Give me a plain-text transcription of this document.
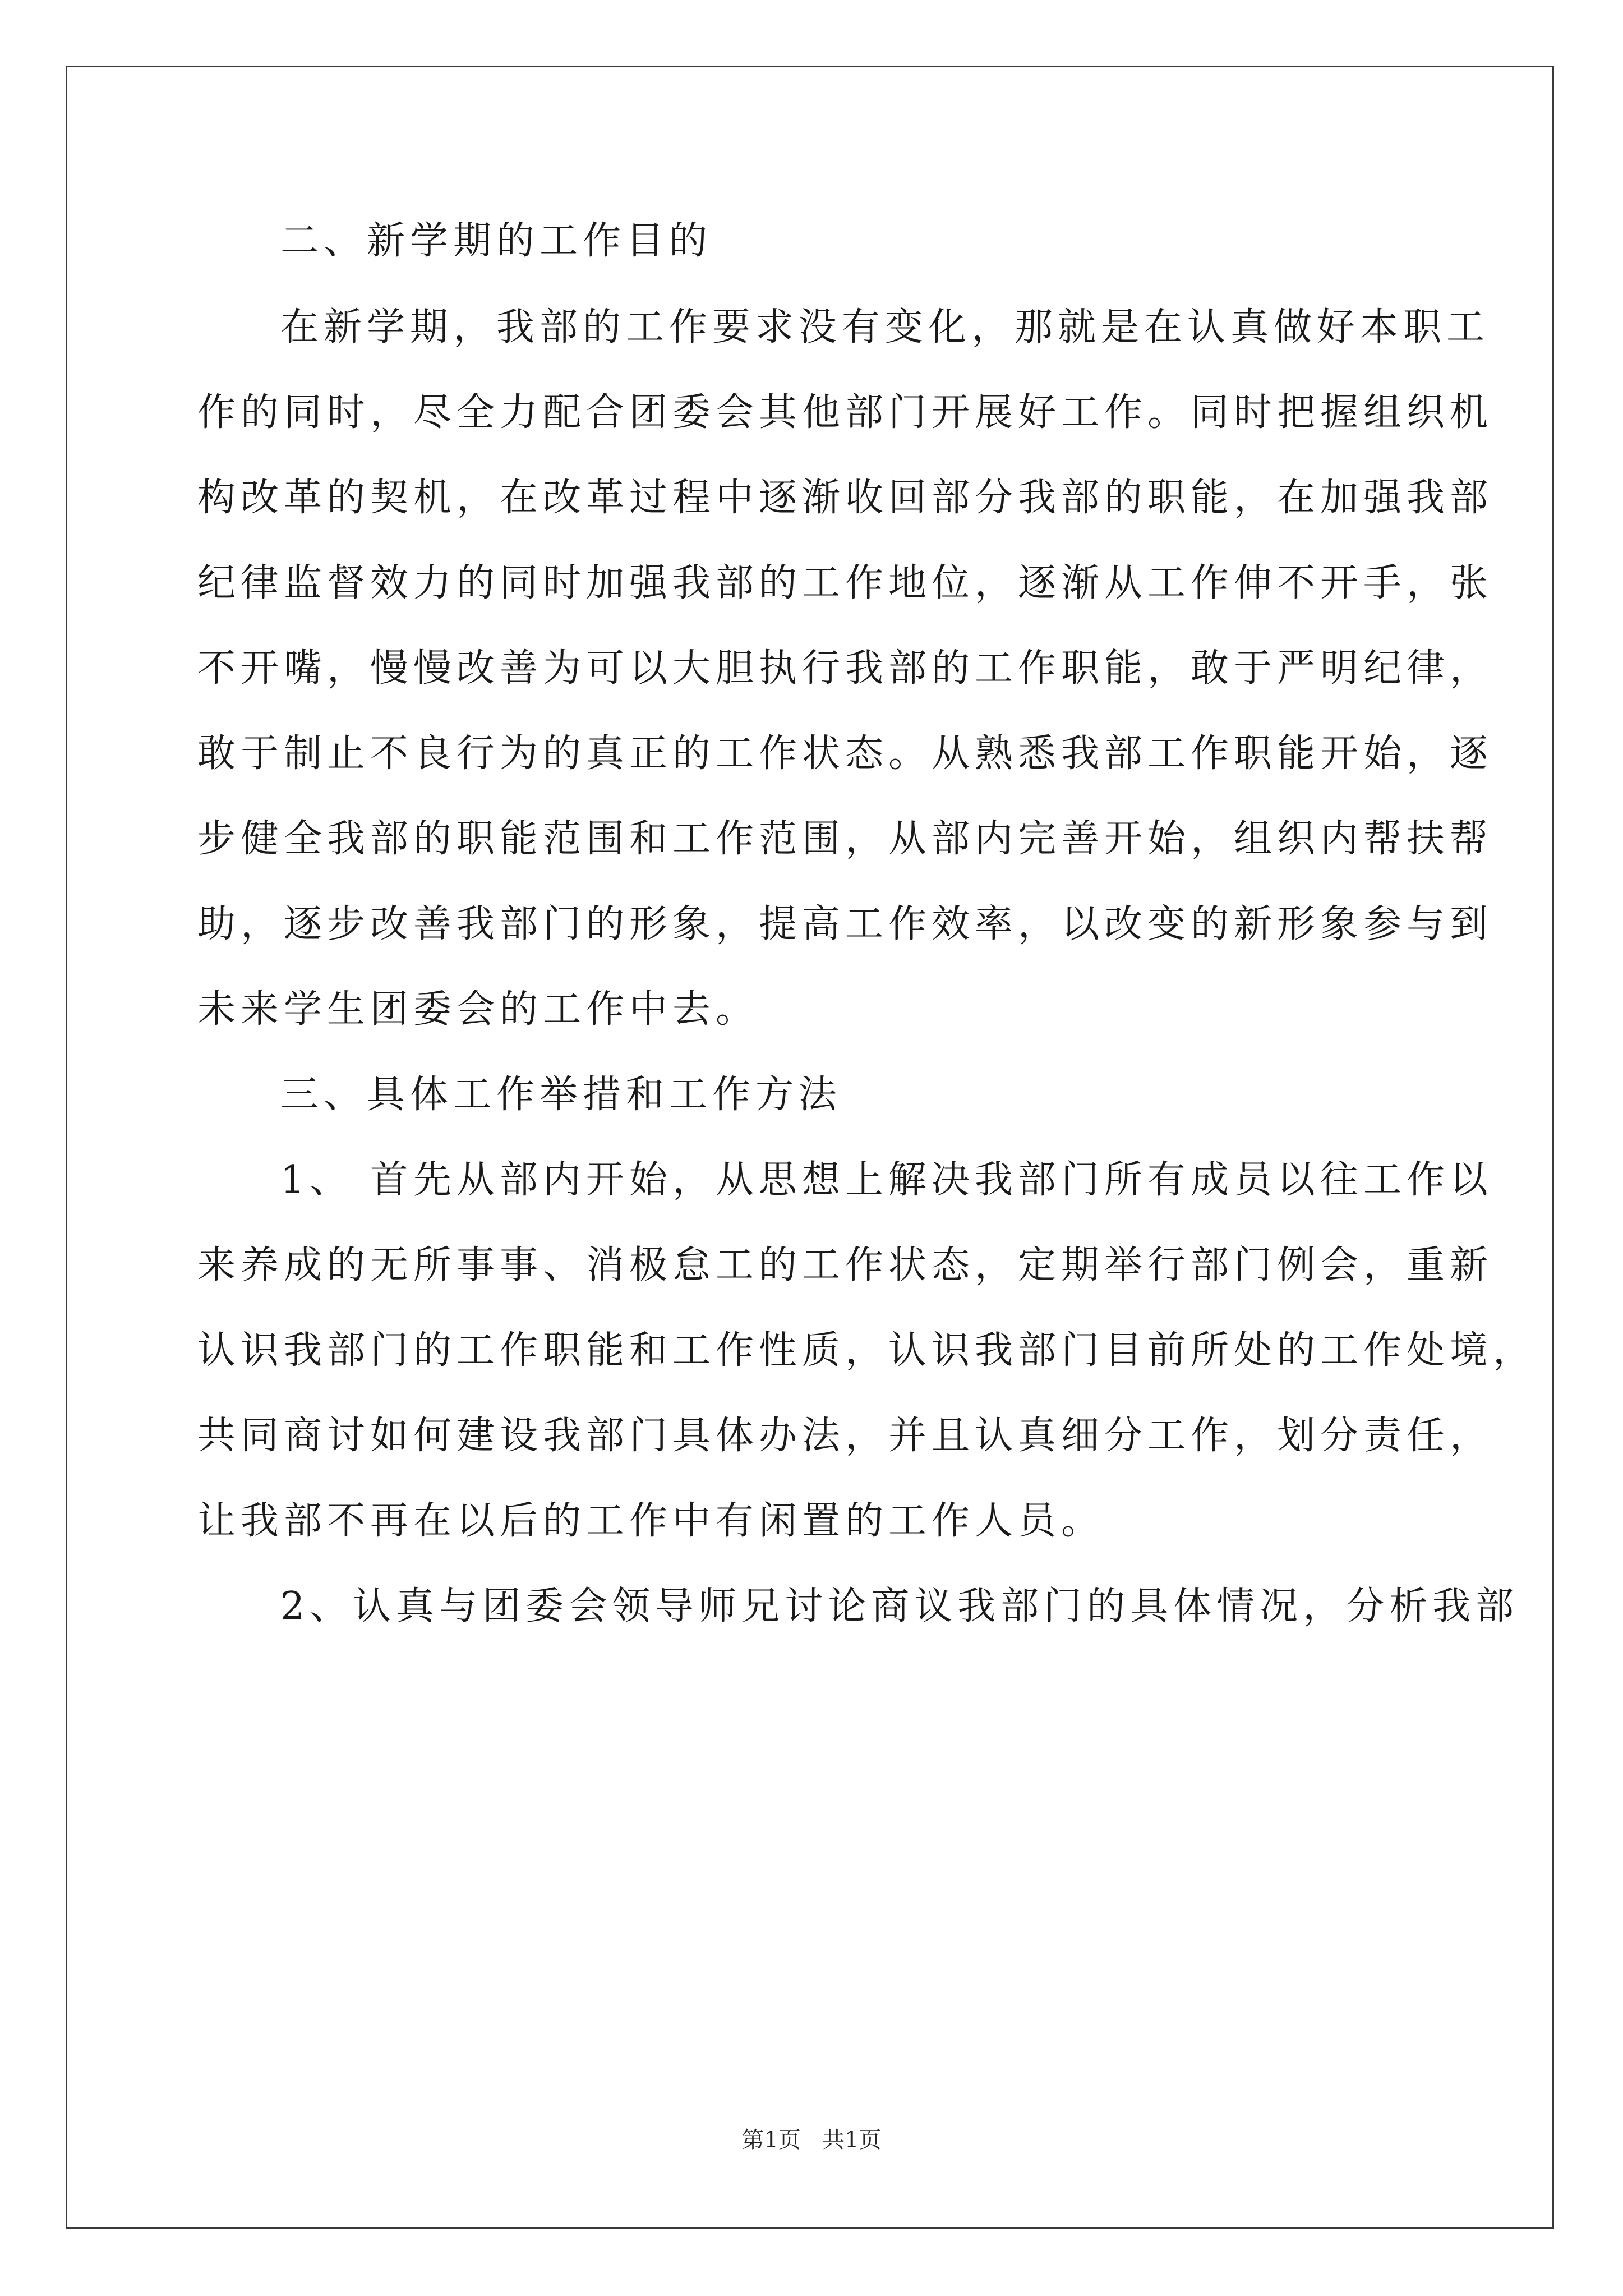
二、新学期的工作目的
在新学期，我部的工作要求没有变化，那就是在认真做好本职工
作的同时，尽全力配合团委会其他部门开展好工作。同时把握组织机
构改革的契机，在改革过程中逐渐收回部分我部的职能，在加强我部
纪律监督效力的同时加强我部的工作地位，逐渐从工作伸不开手，张
不开嘴，慢慢改善为可以大胆执行我部的工作职能，敢于严明纪律，
敢于制止不良行为的真正的工作状态。从熟悉我部工作职能开始，逐
步健全我部的职能范围和工作范围，从部内完善开始，组织内帮扶帮
助，逐步改善我部门的形象，提高工作效率，以改变的新形象参与到
未来学生团委会的工作中去。
三、具体工作举措和工作方法
1、 首先从部内开始，从思想上解决我部门所有成员以往工作以
来养成的无所事事、消极怠工的工作状态，定期举行部门例会，重新
认识我部门的工作职能和工作性质，认识我部门目前所处的工作处境，
共同商讨如何建设我部门具体办法，并且认真细分工作，划分责任，
让我部不再在以后的工作中有闲置的工作人员。
2、认真与团委会领导师兄讨论商议我部门的具体情况，分析我部
第1页   共1页
